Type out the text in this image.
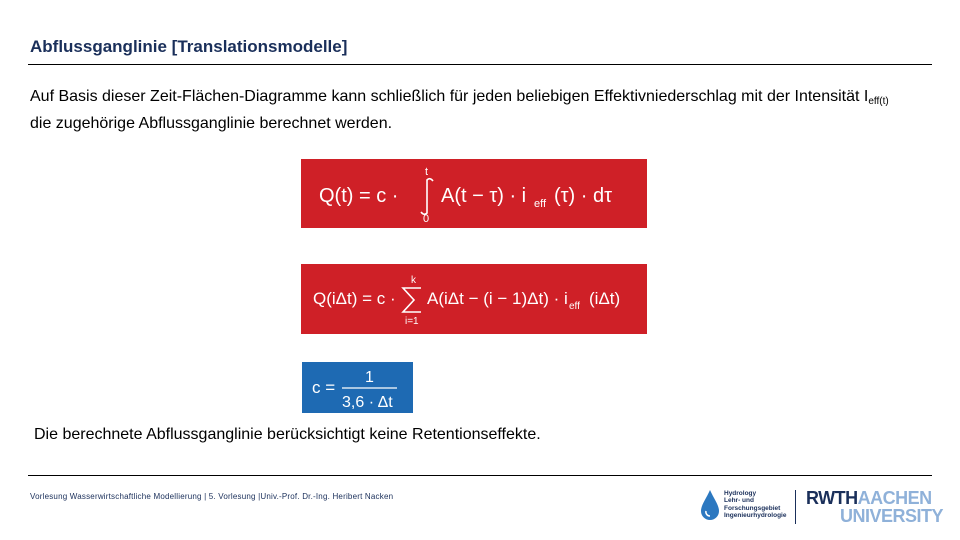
Abflussganglinie [Translationsmodelle]
Auf Basis dieser Zeit-Flächen-Diagramme kann schließlich für jeden beliebigen Effektivniederschlag mit der Intensität $I_{eff(t)}$ die zugehörige Abflussganglinie berechnet werden.
Q(t) = c ·
t
0
A(t − τ) · i eff (τ) · dτ
Q(iΔt) = c ·
k
i=1
A(iΔt − (i − 1)Δt) · i eff (iΔt)
c =
1
3,6 · Δt
Die berechnete Abflussganglinie berücksichtigt keine Retentionseffekte.
Vorlesung Wasserwirtschaftliche Modellierung | 5. Vorlesung |Univ.-Prof. Dr.-Ing. Heribert Nacken	Hydrology
Lehr- und
Forschungsgebiet
Ingenieurhydrologie
RWTHAACHEN
UNIVERSITY
